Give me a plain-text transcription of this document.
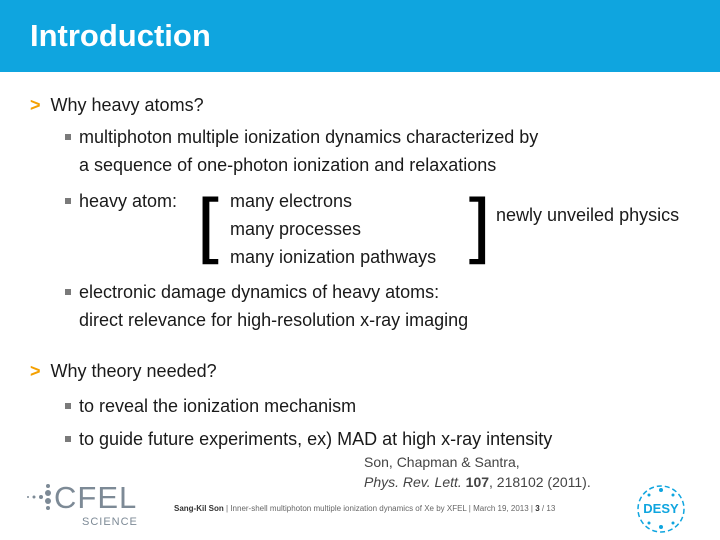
Introduction
> Why heavy atoms?
multiphoton multiple ionization dynamics characterized by
a sequence of one-photon ionization and relaxations
heavy atom: [ many electrons
many processes
many ionization pathways ] newly unveiled physics
electronic damage dynamics of heavy atoms:
direct relevance for high-resolution x-ray imaging
> Why theory needed?
to reveal the ionization mechanism
to guide future experiments, ex) MAD at high x-ray intensity
Son, Chapman & Santra,
Phys. Rev. Lett. 107, 218102 (2011).
CFEL
SCIENCE
Sang-Kil Son | Inner-shell multiphoton multiple ionization dynamics of Xe by XFEL | March 19, 2013 | 3 / 13	DESY
